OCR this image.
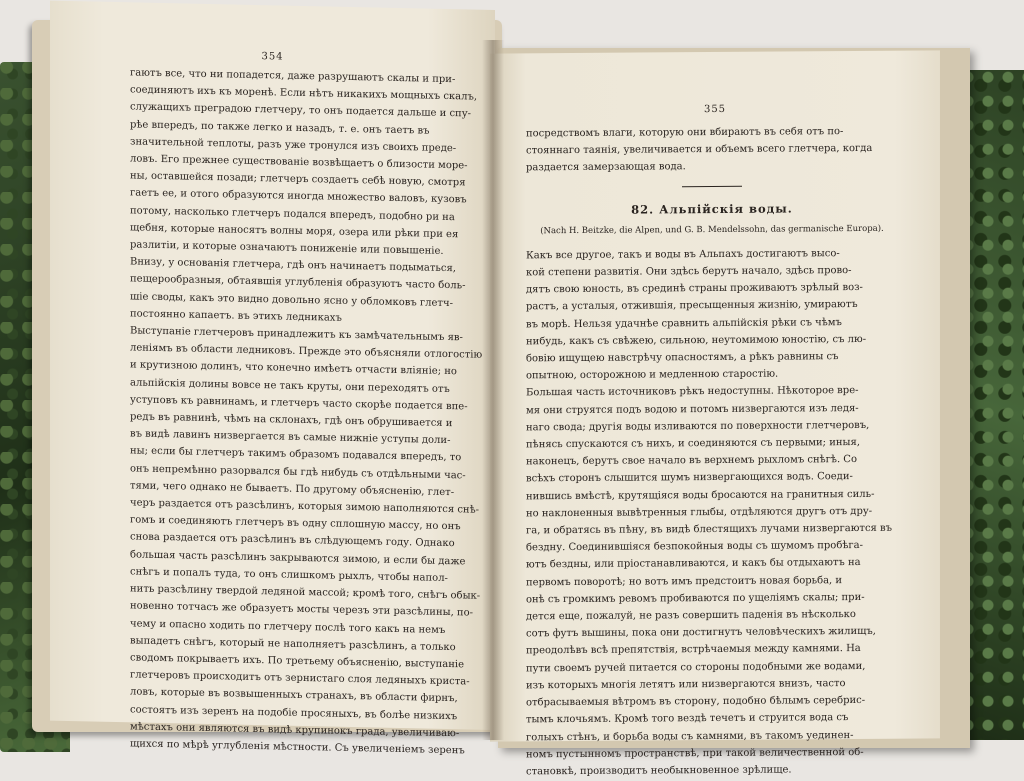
354
гаютъ все, что ни попадется, даже разрушаютъ скалы и при-
соединяютъ ихъ къ моренѣ. Если нѣтъ никакихъ мощныхъ скалъ,
служащихъ преградою глетчеру, то онъ подается дальше и спу-
рѣе впередъ, по также легко и назадъ, т. е. онъ таетъ въ
значительной теплоты, разъ уже тронулся изъ своихъ преде-
ловъ. Его прежнее существованіе возвѣщаетъ о близости море-
ны, оставшейся позади; глетчеръ создаетъ себѣ новую, смотря
гаетъ ее, и отого образуются иногда множество валовъ, кузовъ
потому, насколько глетчеръ подался впередъ, подобно ри на
щебня, которые наносятъ волны моря, озера или рѣки при ея
разлитіи, и которые означаютъ пониженіе или повышеніе.
Внизу, у основанія глетчера, гдѣ онъ начинаетъ подыматься,
пещерообразныя, обтаявшія углубленія образуютъ часто боль-
шіе своды, какъ это видно довольно ясно у обломковъ глетч-
постоянно капаетъ. въ этихъ ледникахъ
Выступаніе глетчеровъ принадлежитъ къ замѣчательнымъ яв-
леніямъ въ области ледниковъ. Прежде это объясняли отлогостію
и крутизною долинъ, что конечно имѣетъ отчасти вліяніе; но
альпійскія долины вовсе не такъ круты, они переходятъ отъ
уступовъ къ равнинамъ, и глетчеръ часто скорѣе подается впе-
редъ въ равнинѣ, чѣмъ на склонахъ, гдѣ онъ обрушивается и
въ видѣ лавинъ низвергается въ самые нижніе уступы доли-
ны; если бы глетчеръ такимъ образомъ подавался впередъ, то
онъ непремѣнно разорвался бы гдѣ нибудь съ отдѣльными час-
тями, чего однако не бываетъ. По другому объясненію, глет-
черъ раздается отъ разсѣлинъ, которыя зимою наполняются снѣ-
гомъ и соединяютъ глетчеръ въ одну сплошную массу, но онъ
снова раздается отъ разсѣлинъ въ слѣдующемъ году. Однако
большая часть разсѣлинъ закрываются зимою, и если бы даже
снѣгъ и попалъ туда, то онъ слишкомъ рыхлъ, чтобы напол-
нить разсѣлину твердой ледяной массой; кромѣ того, снѣгъ обык-
новенно тотчасъ же образуетъ мосты черезъ эти разсѣлины, по-
чему и опасно ходить по глетчеру послѣ того какъ на немъ
выпадетъ снѣгъ, который не наполняетъ разсѣлинъ, а только
сводомъ покрываетъ ихъ. По третьему объясненію, выступаніе
глетчеровъ происходитъ отъ зернистаго слоя ледяныхъ криста-
ловъ, которые въ возвышенныхъ странахъ, въ области фирнъ,
состоятъ изъ зеренъ на подобіе просяныхъ, въ болѣе низкихъ
мѣстахъ они являются въ видѣ крупинокъ града, увеличиваю-
щихся по мѣрѣ углубленія мѣстности. Съ увеличеніемъ зеренъ
355
посредствомъ влаги, которую они вбираютъ въ себя отъ по-
стояннаго таянія, увеличивается и объемъ всего глетчера, когда
раздается замерзающая вода.
82. Альпійскія воды.
(Nach H. Beitzke, die Alpen, und G. B. Mendelssohn, das germanische Europa).
Какъ все другое, такъ и воды въ Альпахъ достигаютъ высо-
кой степени развитія. Они здѣсь берутъ начало, здѣсь прово-
дятъ свою юность, въ срединѣ страны проживаютъ зрѣлый воз-
растъ, а усталыя, отжившія, пресыщенныя жизнію, умираютъ
въ морѣ. Нельзя удачнѣе сравнить альпійскія рѣки съ чѣмъ
нибудь, какъ съ свѣжею, сильною, неутомимою юностію, съ лю-
бовію ищущею навстрѣчу опасностямъ, а рѣкъ равнины съ
опытною, осторожною и медленною старостію.
Большая часть источниковъ рѣкъ недоступны. Нѣкоторое вре-
мя они струятся подъ водою и потомъ низвергаются изъ ледя-
наго свода; другія воды изливаются по поверхности глетчеровъ,
пѣнясь спускаются съ нихъ, и соединяются съ первыми; иныя,
наконецъ, берутъ свое начало въ верхнемъ рыхломъ снѣгѣ. Со
всѣхъ сторонъ слышится шумъ низвергающихся водъ. Соеди-
нившись вмѣстѣ, крутящіяся воды бросаются на гранитныя силь-
но наклоненныя вывѣтренныя глыбы, отдѣляются другъ отъ дру-
га, и обратясь въ пѣну, въ видѣ блестящихъ лучами низвергаются въ
бездну. Соединившіяся безпокойныя воды съ шумомъ пробѣга-
ютъ бездны, или пріостанавливаются, и какъ бы отдыхаютъ на
первомъ поворотѣ; но вотъ имъ предстоитъ новая борьба, и
онѣ съ громкимъ ревомъ пробиваются по ущеліямъ скалы; при-
дется еще, пожалуй, не разъ совершить паденія въ нѣсколько
сотъ футъ вышины, пока они достигнутъ человѣческихъ жилищъ,
преодолѣвъ всѣ препятствія, встрѣчаемыя между камнями. На
пути своемъ ручей питается со стороны подобными же водами,
изъ которыхъ многія летятъ или низвергаются внизъ, часто
отбрасываемыя вѣтромъ въ сторону, подобно бѣлымъ серебрис-
тымъ клочьямъ. Кромѣ того вездѣ течетъ и струится вода съ
голыхъ стѣнъ, и борьба воды съ камнями, въ такомъ уединен-
номъ пустынномъ пространствѣ, при такой величественной об-
становкѣ, производитъ необыкновенное зрѣлище.
